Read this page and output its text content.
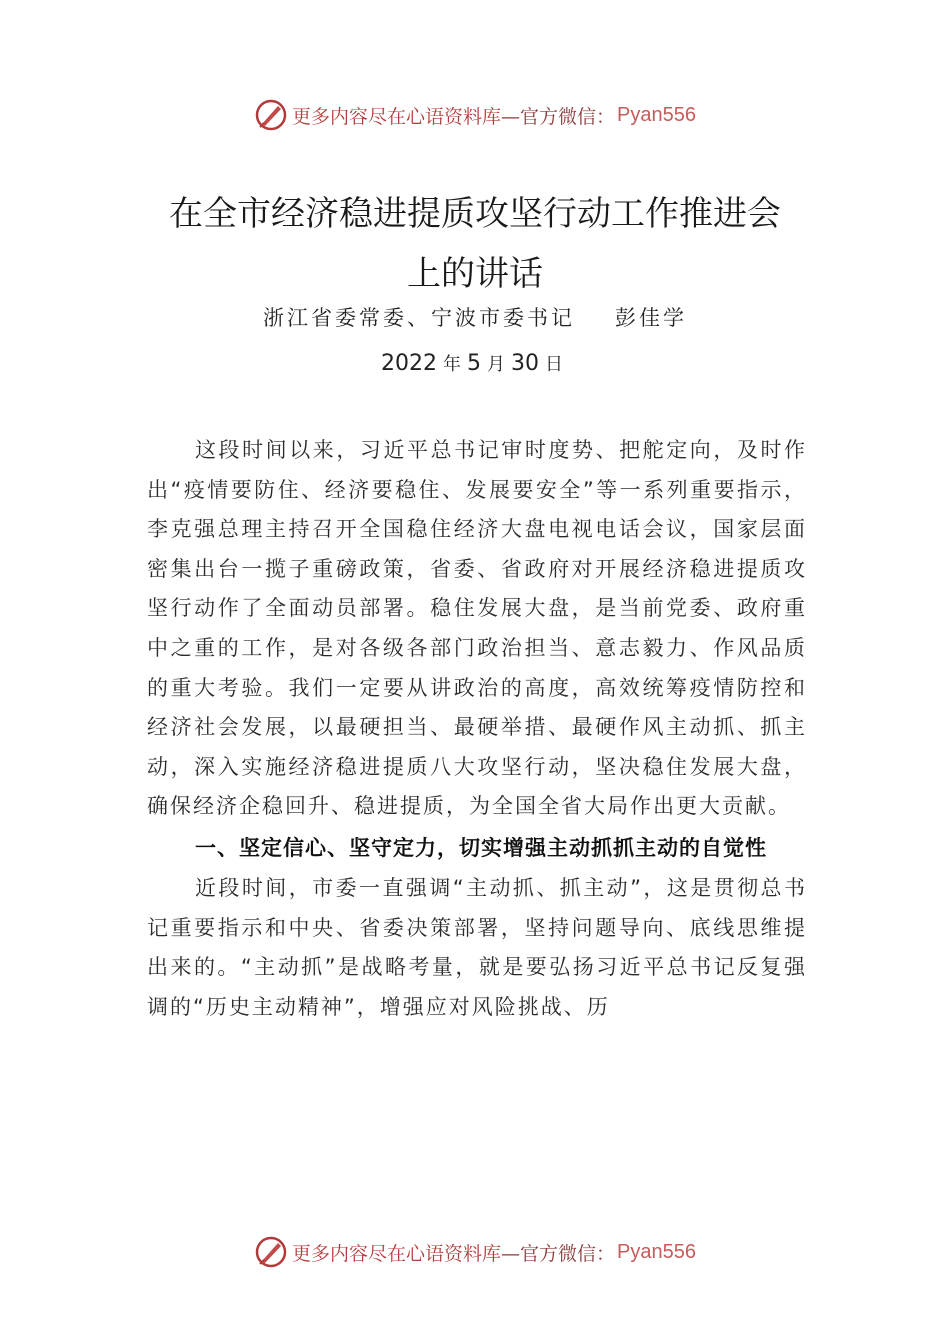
更多内容尽在心语资料库 —官方微信： Pyan556
在全市经济稳进提质攻坚行动工作推进会
上的讲话
浙江省委常委、宁波市委书记 彭佳学
2022 年 5 月 30 日

这段时间以来，习近平总书记审时度势、把舵定向，及时作出“疫情要防住、经济要稳住、发展要安全”等一系列重要指示，李克强总理主持召开全国稳住经济大盘电视电话会议，国家层面密集出台一揽子重磅政策，省委、省政府对开展经济稳进提质攻坚行动作了全面动员部署。稳住发展大盘，是当前党委、政府重中之重的工作，是对各级各部门政治担当、意志毅力、作风品质的重大考验。我们一定要从讲政治的高度，高效统筹疫情防控和经济社会发展，以最硬担当、最硬举措、最硬作风主动抓、抓主动，深入实施经济稳进提质八大攻坚行动，坚决稳住发展大盘，确保经济企稳回升、稳进提质，为全国全省大局作出更大贡献。

一、坚定信心、坚守定力，切实增强主动抓抓主动的自觉性

近段时间，市委一直强调“主动抓、抓主动”，这是贯彻总书记重要指示和中央、省委决策部署，坚持问题导向、底线思维提出来的。“主动抓”是战略考量，就是要弘扬习近平总书记反复强调的“历史主动精神”，增强应对风险挑战、历

更多内容尽在心语资料库 —官方微信： Pyan556
